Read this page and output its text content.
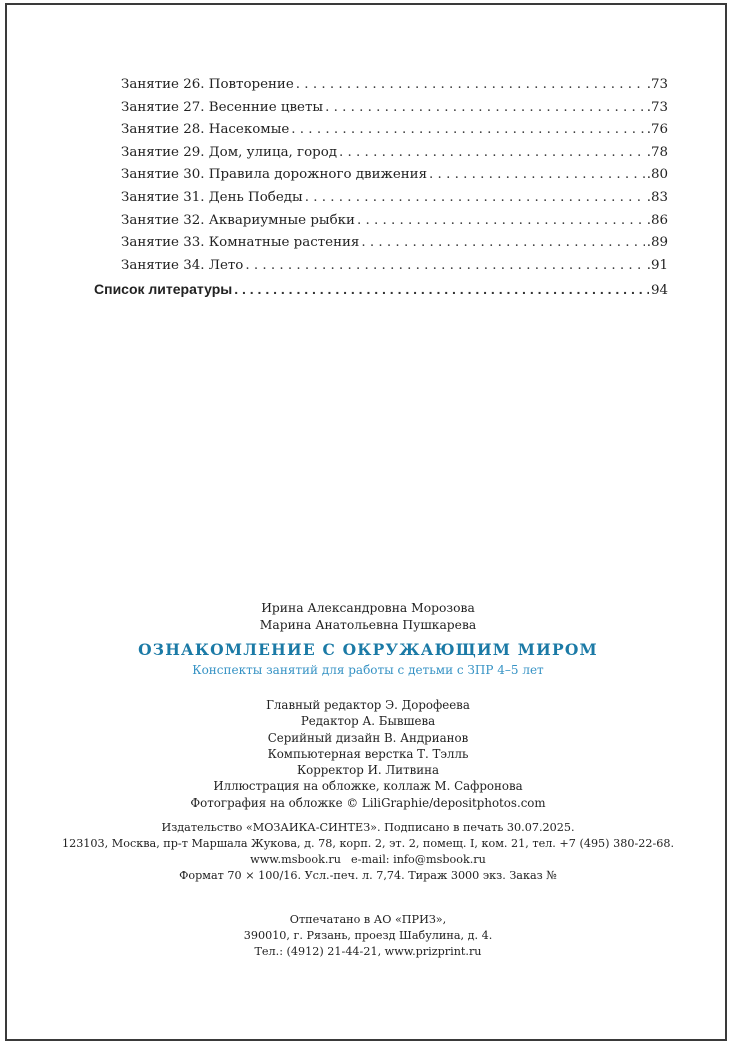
Занятие 26. Повторение . . .	.73
Занятие 27. Весенние цветы . . .	.73
Занятие 28. Насекомые . . .	.76
Занятие 29. Дом, улица, город . . .	.78
Занятие 30. Правила дорожного движения . . .	.80
Занятие 31. День Победы . . .	.83
Занятие 32. Аквариумные рыбки . . .	.86
Занятие 33. Комнатные растения . . .	.89
Занятие 34. Лето . . .	.91
Список литературы . . .	94
Ирина Александровна Морозова
Марина Анатольевна Пушкарева
ОЗНАКОМЛЕНИЕ С ОКРУЖАЮЩИМ МИРОМ
Конспекты занятий для работы с детьми с ЗПР 4–5 лет
Главный редактор Э. Дорофеева
Редактор А. Бывшева
Серийный дизайн В. Андрианов
Компьютерная верстка Т. Тэлль
Корректор И. Литвина
Иллюстрация на обложке, коллаж М. Сафронова
Фотография на обложке © LiliGraphie/depositphotos.com
Издательство «МОЗАИКА-СИНТЕЗ». Подписано в печать 30.07.2025.
123103, Москва, пр-т Маршала Жукова, д. 78, корп. 2, эт. 2, помещ. I, ком. 21, тел. +7 (495) 380-22-68.
www.msbook.ru e-mail: info@msbook.ru
Формат 70 × 100/16. Усл.-печ. л. 7,74. Тираж 3000 экз. Заказ №
Отпечатано в АО «ПРИЗ»,
390010, г. Рязань, проезд Шабулина, д. 4.
Тел.: (4912) 21-44-21, www.prizprint.ru
